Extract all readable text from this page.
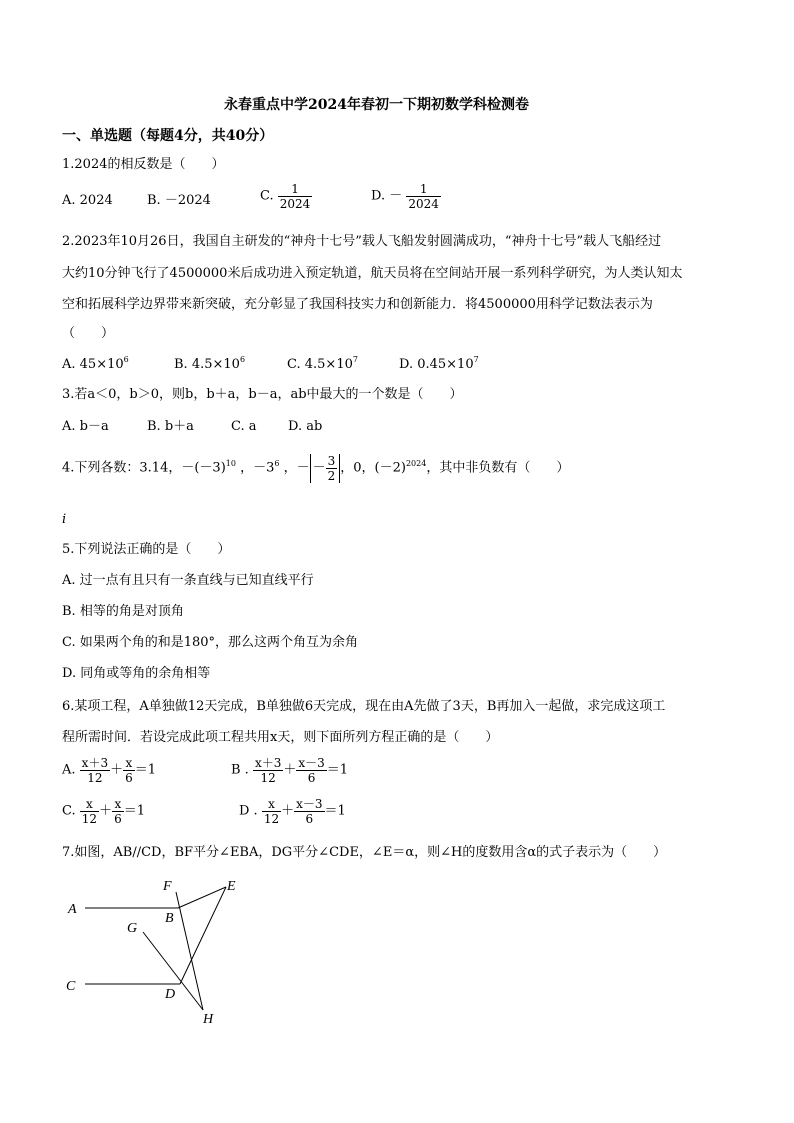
永春重点中学2024年春初一下期初数学科检测卷
一、单选题（每题4分，共40分）
1.2024的相反数是（　　）
A. 2024	B. －2024	C. $\frac{1}{2024}$	D. － $\frac{1}{2024}$
2.2023年10月26日，我国自主研发的“神舟十七号”载人飞船发射圆满成功，“神舟十七号”载人飞船经过
大约10分钟飞行了4500000米后成功进入预定轨道，航天员将在空间站开展一系列科学研究，为人类认知太
空和拓展科学边界带来新突破，充分彰显了我国科技实力和创新能力．将4500000用科学记数法表示为
（　　）
A. $45\times 10^6$	B. $4.5\times 10^6$	C. $4.5\times 10^7$	D. $0.45\times 10^7$
3.若a＜0，b＞0，则b，b＋a，b－a，ab中最大的一个数是（　　）
A. b－a	B. b＋a	C. a D. ab
4.下列各数：3.14，$-(-3)^{10}$ ，$-3^6$ ，－ － $\frac{3}{2}$ ，0，$(-2)^{2024}$，其中非负数有（　　）
i
5.下列说法正确的是（　　）
A. 过一点有且只有一条直线与已知直线平行
B. 相等的角是对顶角
C. 如果两个角的和是180°，那么这两个角互为余角
D. 同角或等角的余角相等
6.某项工程，A单独做12天完成，B单独做6天完成，现在由A先做了3天，B再加入一起做，求完成这项工
程所需时间．若设完成此项工程共用x天，则下面所列方程正确的是（　　）
A. $\frac{x+3}{12} + \frac{x}{6} =1$	B . $\frac{x+3}{12} + \frac{x-3}{6} =1$
C. $\frac{x}{12} + \frac{x}{6} =1$	D . $\frac{x}{12} + \frac{x-3}{6} =1$
7.如图，AB//CD，BF平分∠EBA，DG平分∠CDE，∠E＝α，则∠H的度数用含α的式子表示为（　　）
A
B
C
D
E
F
G
H
